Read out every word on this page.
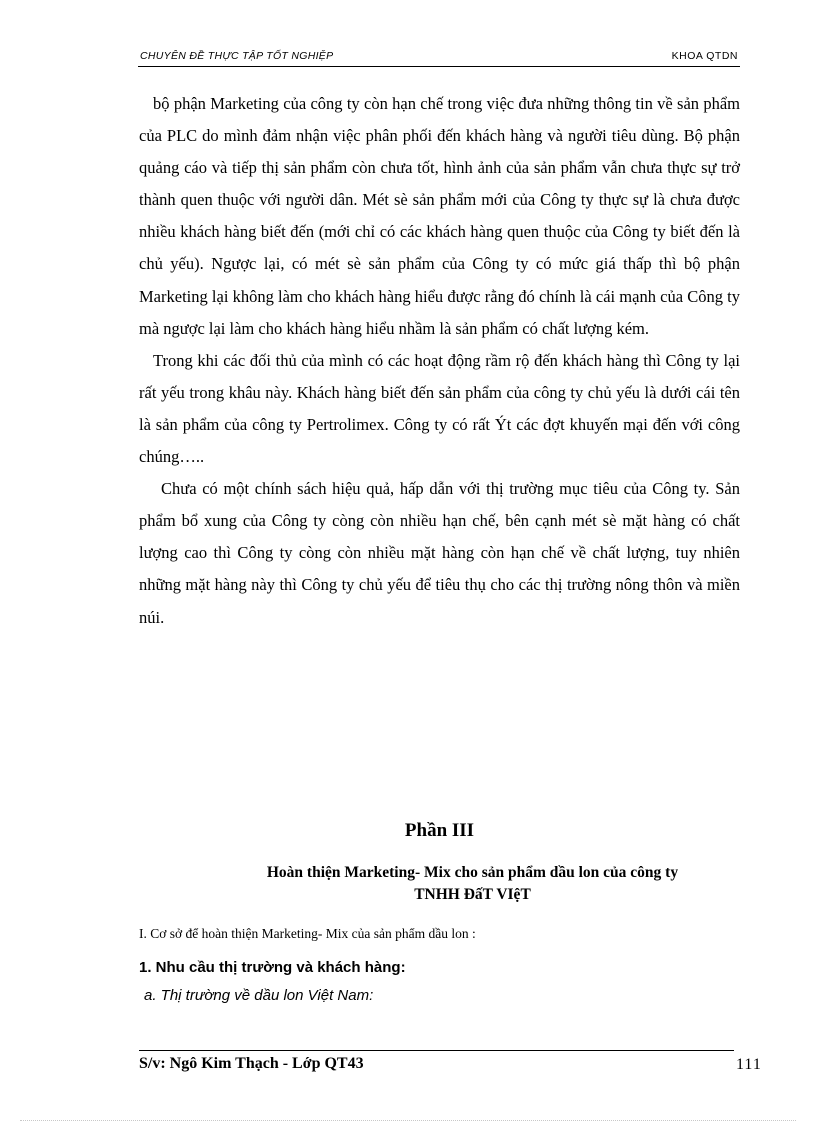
CHUYÊN ĐỀ THỰC TẬP TỐT NGHIỆP	KHOA QTDN

bộ phận Marketing của công ty còn hạn chế trong việc đưa những thông tin về sản phẩm của PLC do mình đảm nhận việc phân phối đến khách hàng và người tiêu dùng. Bộ phận quảng cáo và tiếp thị sản phẩm còn chưa tốt, hình ảnh của sản phẩm vẫn chưa thực sự trở thành quen thuộc với người dân. Mét sè sản phẩm mới của Công ty thực sự là chưa được nhiều khách hàng biết đến (mới chỉ có các khách hàng quen thuộc của Công ty biết đến là chủ yếu). Ngược lại, có mét sè sản phẩm của Công ty có mức giá thấp thì bộ phận Marketing lại không làm cho khách hàng hiểu được rằng đó chính là cái mạnh của Công ty mà ngược lại làm cho khách hàng hiểu nhầm là sản phẩm có chất lượng kém.

Trong khi các đối thủ của mình có các hoạt động rầm rộ đến khách hàng thì Công ty lại rất yếu trong khâu này. Khách hàng biết đến sản phẩm của công ty chủ yếu là dưới cái tên là sản phẩm của công ty Pertrolimex. Công ty có rất Ýt các đợt khuyến mại đến với công chúng…..

Chưa có một chính sách hiệu quả, hấp dẫn với thị trường mục tiêu của Công ty. Sản phẩm bổ xung của Công ty còng còn nhiều hạn chế, bên cạnh mét sè mặt hàng có chất lượng cao thì Công ty còng còn nhiều mặt hàng còn hạn chế về chất lượng, tuy nhiên những mặt hàng này thì Công ty chủ yếu để tiêu thụ cho các thị trường nông thôn và miền núi.

Phần III
Hoàn thiện Marketing- Mix cho sản phẩm dầu lon của công ty
TNHH ĐấT VIệT
I. Cơ sở để hoàn thiện Marketing- Mix của sản phẩm dầu lon :
1. Nhu cầu thị trường và khách hàng:
a. Thị trường về dầu lon Việt Nam:
S/v: Ngô Kim Thạch - Lớp QT43	111
